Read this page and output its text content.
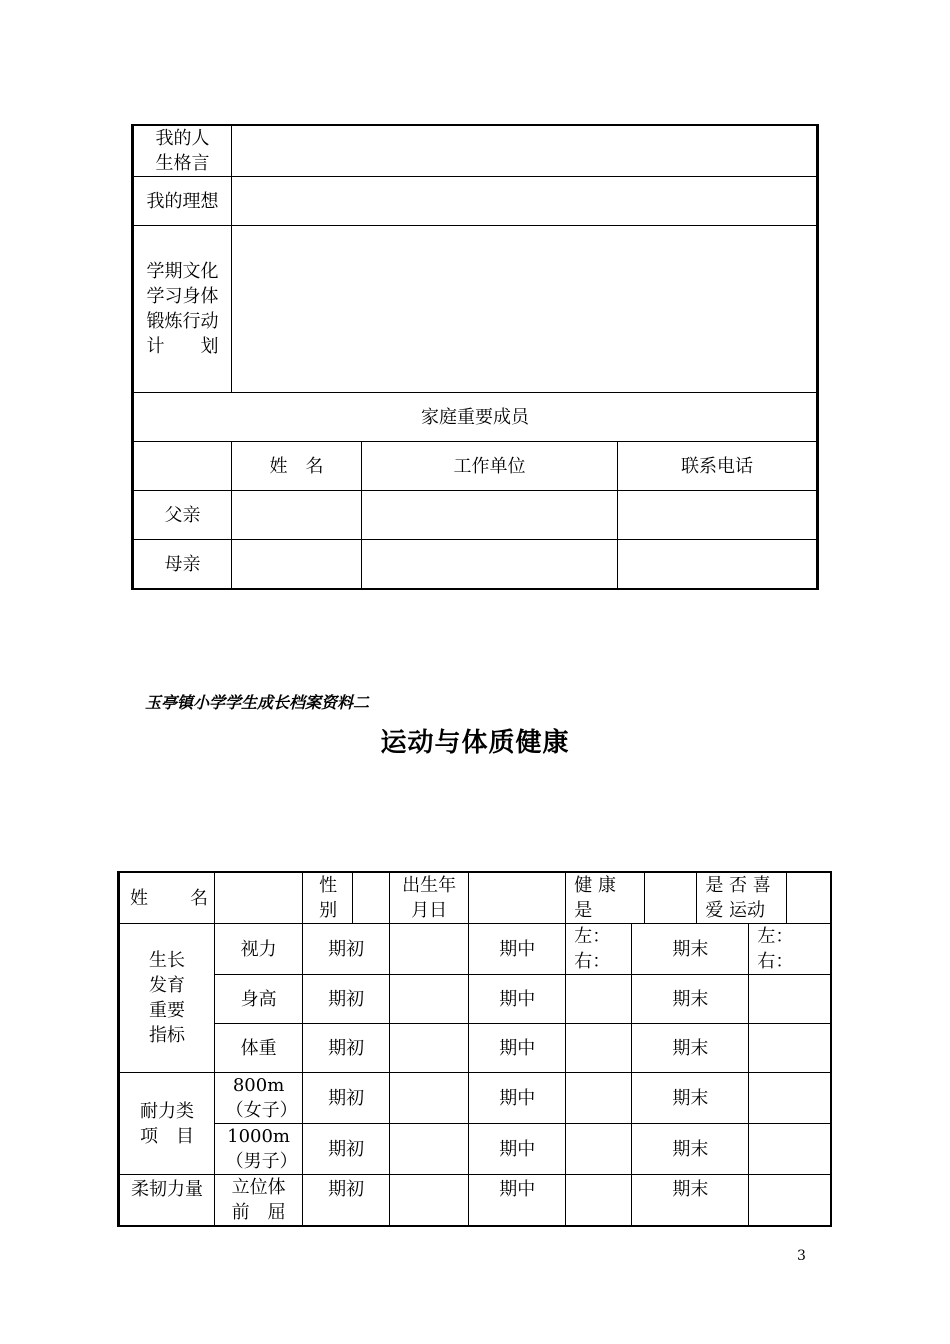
我的人生格言			

我的理想			

学期文化
学习身体
锻炼行动
计　　划			

家庭重要成员			
	姓　名	工作单位	联系电话
父亲			
母亲			
玉亭镇小学学生成长档案资料二
运动与体质健康
姓　　名		性别		出生年月日		健 康 是			是 否 喜 爱 运动		

生长发育重要指标	视力	期初			期中	左：右：	期末			左：右：	

	身高	期初			期中		期末				
	体重	期初			期中		期末				

耐力类项　目	800m（女子）	期初			期中		期末				

	1000m（男子）	期初			期中		期末				
柔韧力量	立位体前　屈	期初			期中		期末				
3
